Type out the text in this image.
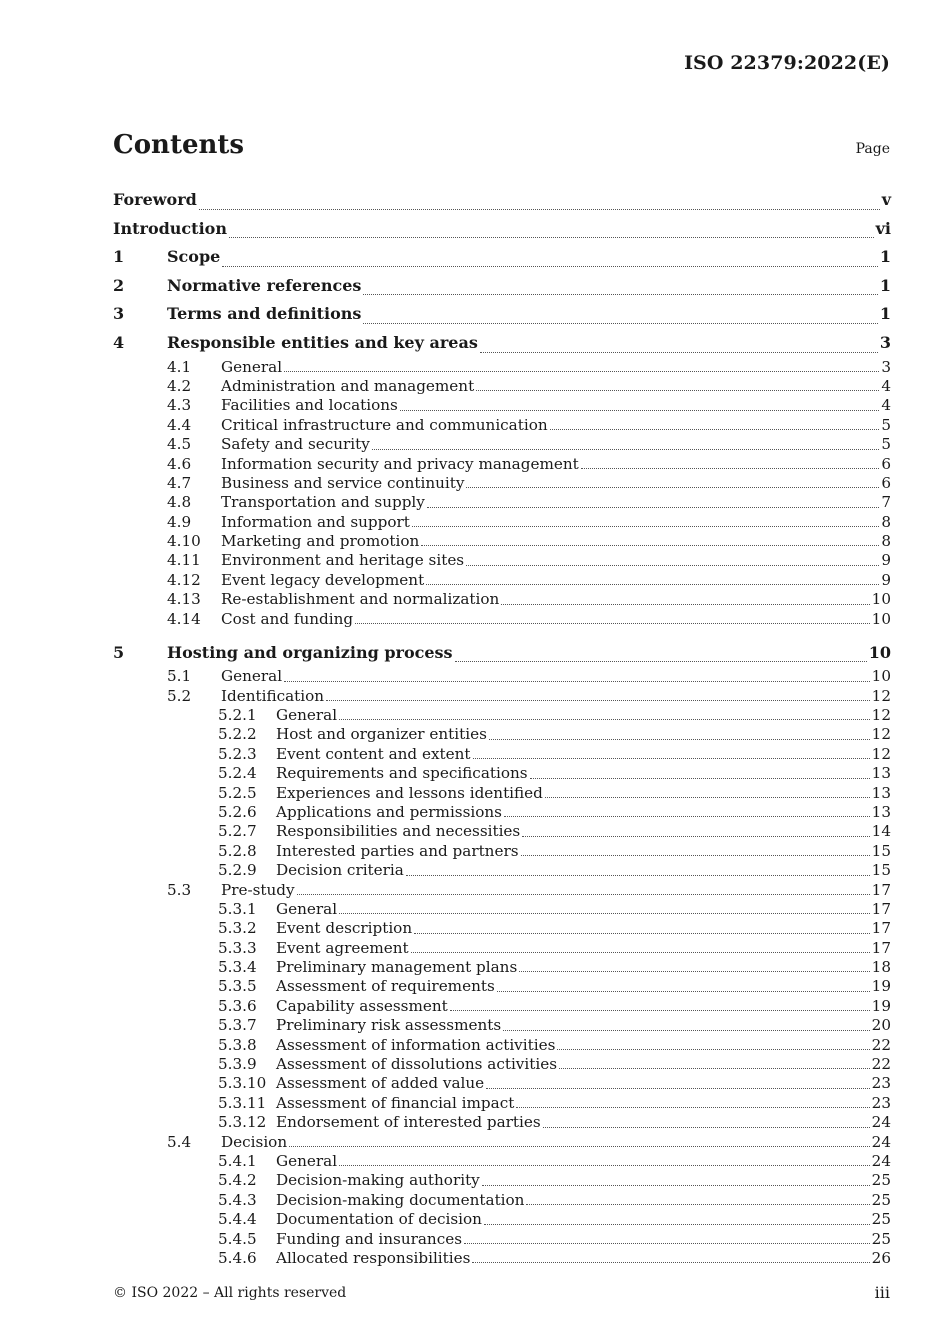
ISO 22379:2022(E)
Contents	Page
Foreword	v
Introduction	vi
1	Scope	1
2	Normative references	1
3	Terms and definitions	1
4	Responsible entities and key areas	3
4.1	General	3
4.2	Administration and management	4
4.3	Facilities and locations	4
4.4	Critical infrastructure and communication	5
4.5	Safety and security	5
4.6	Information security and privacy management	6
4.7	Business and service continuity	6
4.8	Transportation and supply	7
4.9	Information and support	8
4.10	Marketing and promotion	8
4.11	Environment and heritage sites	9
4.12	Event legacy development	9
4.13	Re-establishment and normalization	10
4.14	Cost and funding	10
5	Hosting and organizing process	10
5.1	General	10
5.2	Identification	12
5.2.1	General	12
5.2.2	Host and organizer entities	12
5.2.3	Event content and extent	12
5.2.4	Requirements and specifications	13
5.2.5	Experiences and lessons identified	13
5.2.6	Applications and permissions	13
5.2.7	Responsibilities and necessities	14
5.2.8	Interested parties and partners	15
5.2.9	Decision criteria	15
5.3	Pre-study	17
5.3.1	General	17
5.3.2	Event description	17
5.3.3	Event agreement	17
5.3.4	Preliminary management plans	18
5.3.5	Assessment of requirements	19
5.3.6	Capability assessment	19
5.3.7	Preliminary risk assessments	20
5.3.8	Assessment of information activities	22
5.3.9	Assessment of dissolutions activities	22
5.3.10 Assessment of added value	23
5.3.11 Assessment of financial impact	23
5.3.12 Endorsement of interested parties	24
5.4	Decision	24
5.4.1	General	24
5.4.2	Decision-making authority	25
5.4.3	Decision-making documentation	25
5.4.4	Documentation of decision	25
5.4.5	Funding and insurances	25
5.4.6	Allocated responsibilities	26
© ISO 2022 – All rights reserved	iii
